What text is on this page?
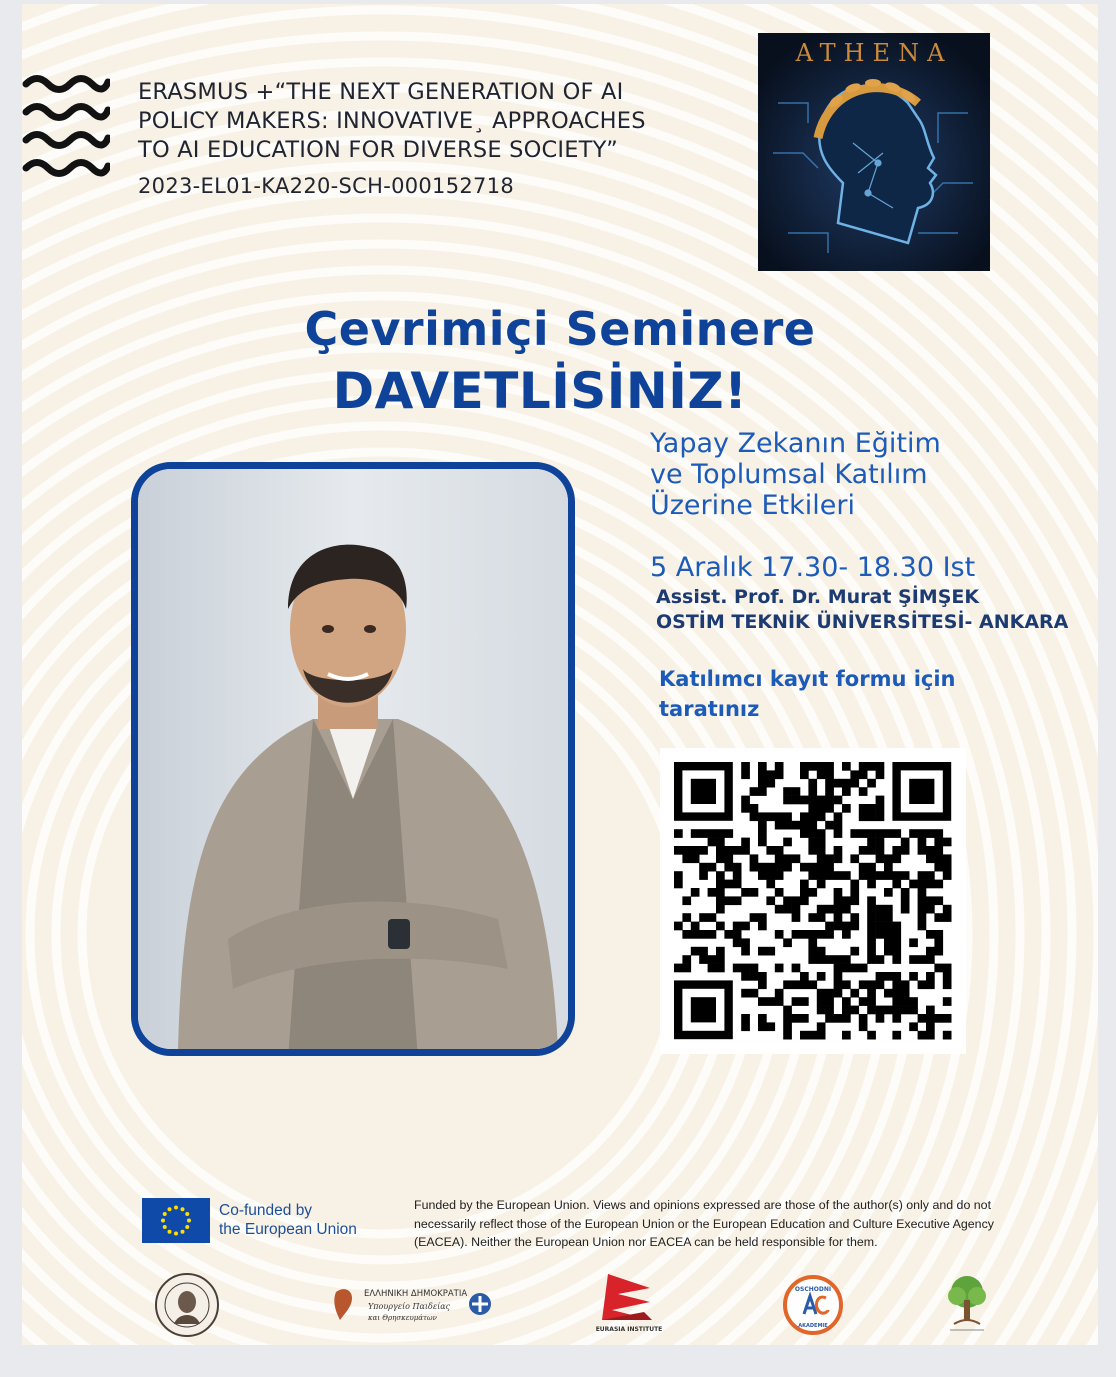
ERASMUS +“THE NEXT GENERATION OF AI
POLICY MAKERS: INNOVATIVE¸ APPROACHES
TO AI EDUCATION FOR DIVERSE SOCIETY”
2023-EL01-KA220-SCH-000152718
ATHENA
Çevrimiçi Seminere
DAVETLİSİNİZ!
Yapay Zekanın Eğitim
ve Toplumsal Katılım
Üzerine Etkileri
5 Aralık 17.30- 18.30 Ist
Assist. Prof. Dr. Murat ŞİMŞEK
OSTİM TEKNİK ÜNİVERSİTESİ- ANKARA
Katılımcı kayıt formu için
taratınız
Co-funded by
the European Union
Funded by the European Union. Views and opinions expressed are those of the author(s) only and do not necessarily reflect those of the European Union or the European Education and Culture Executive Agency (EACEA). Neither the European Union nor EACEA can be held responsible for them.
ΕΛΛΗΝΙΚΗ ΔΗΜΟΚΡΑΤΙΑ
Υπουργείο Παιδείας
και Θρησκευμάτων
EURASIA INSTITUTE
OSCHODNI
AKADEMIE
